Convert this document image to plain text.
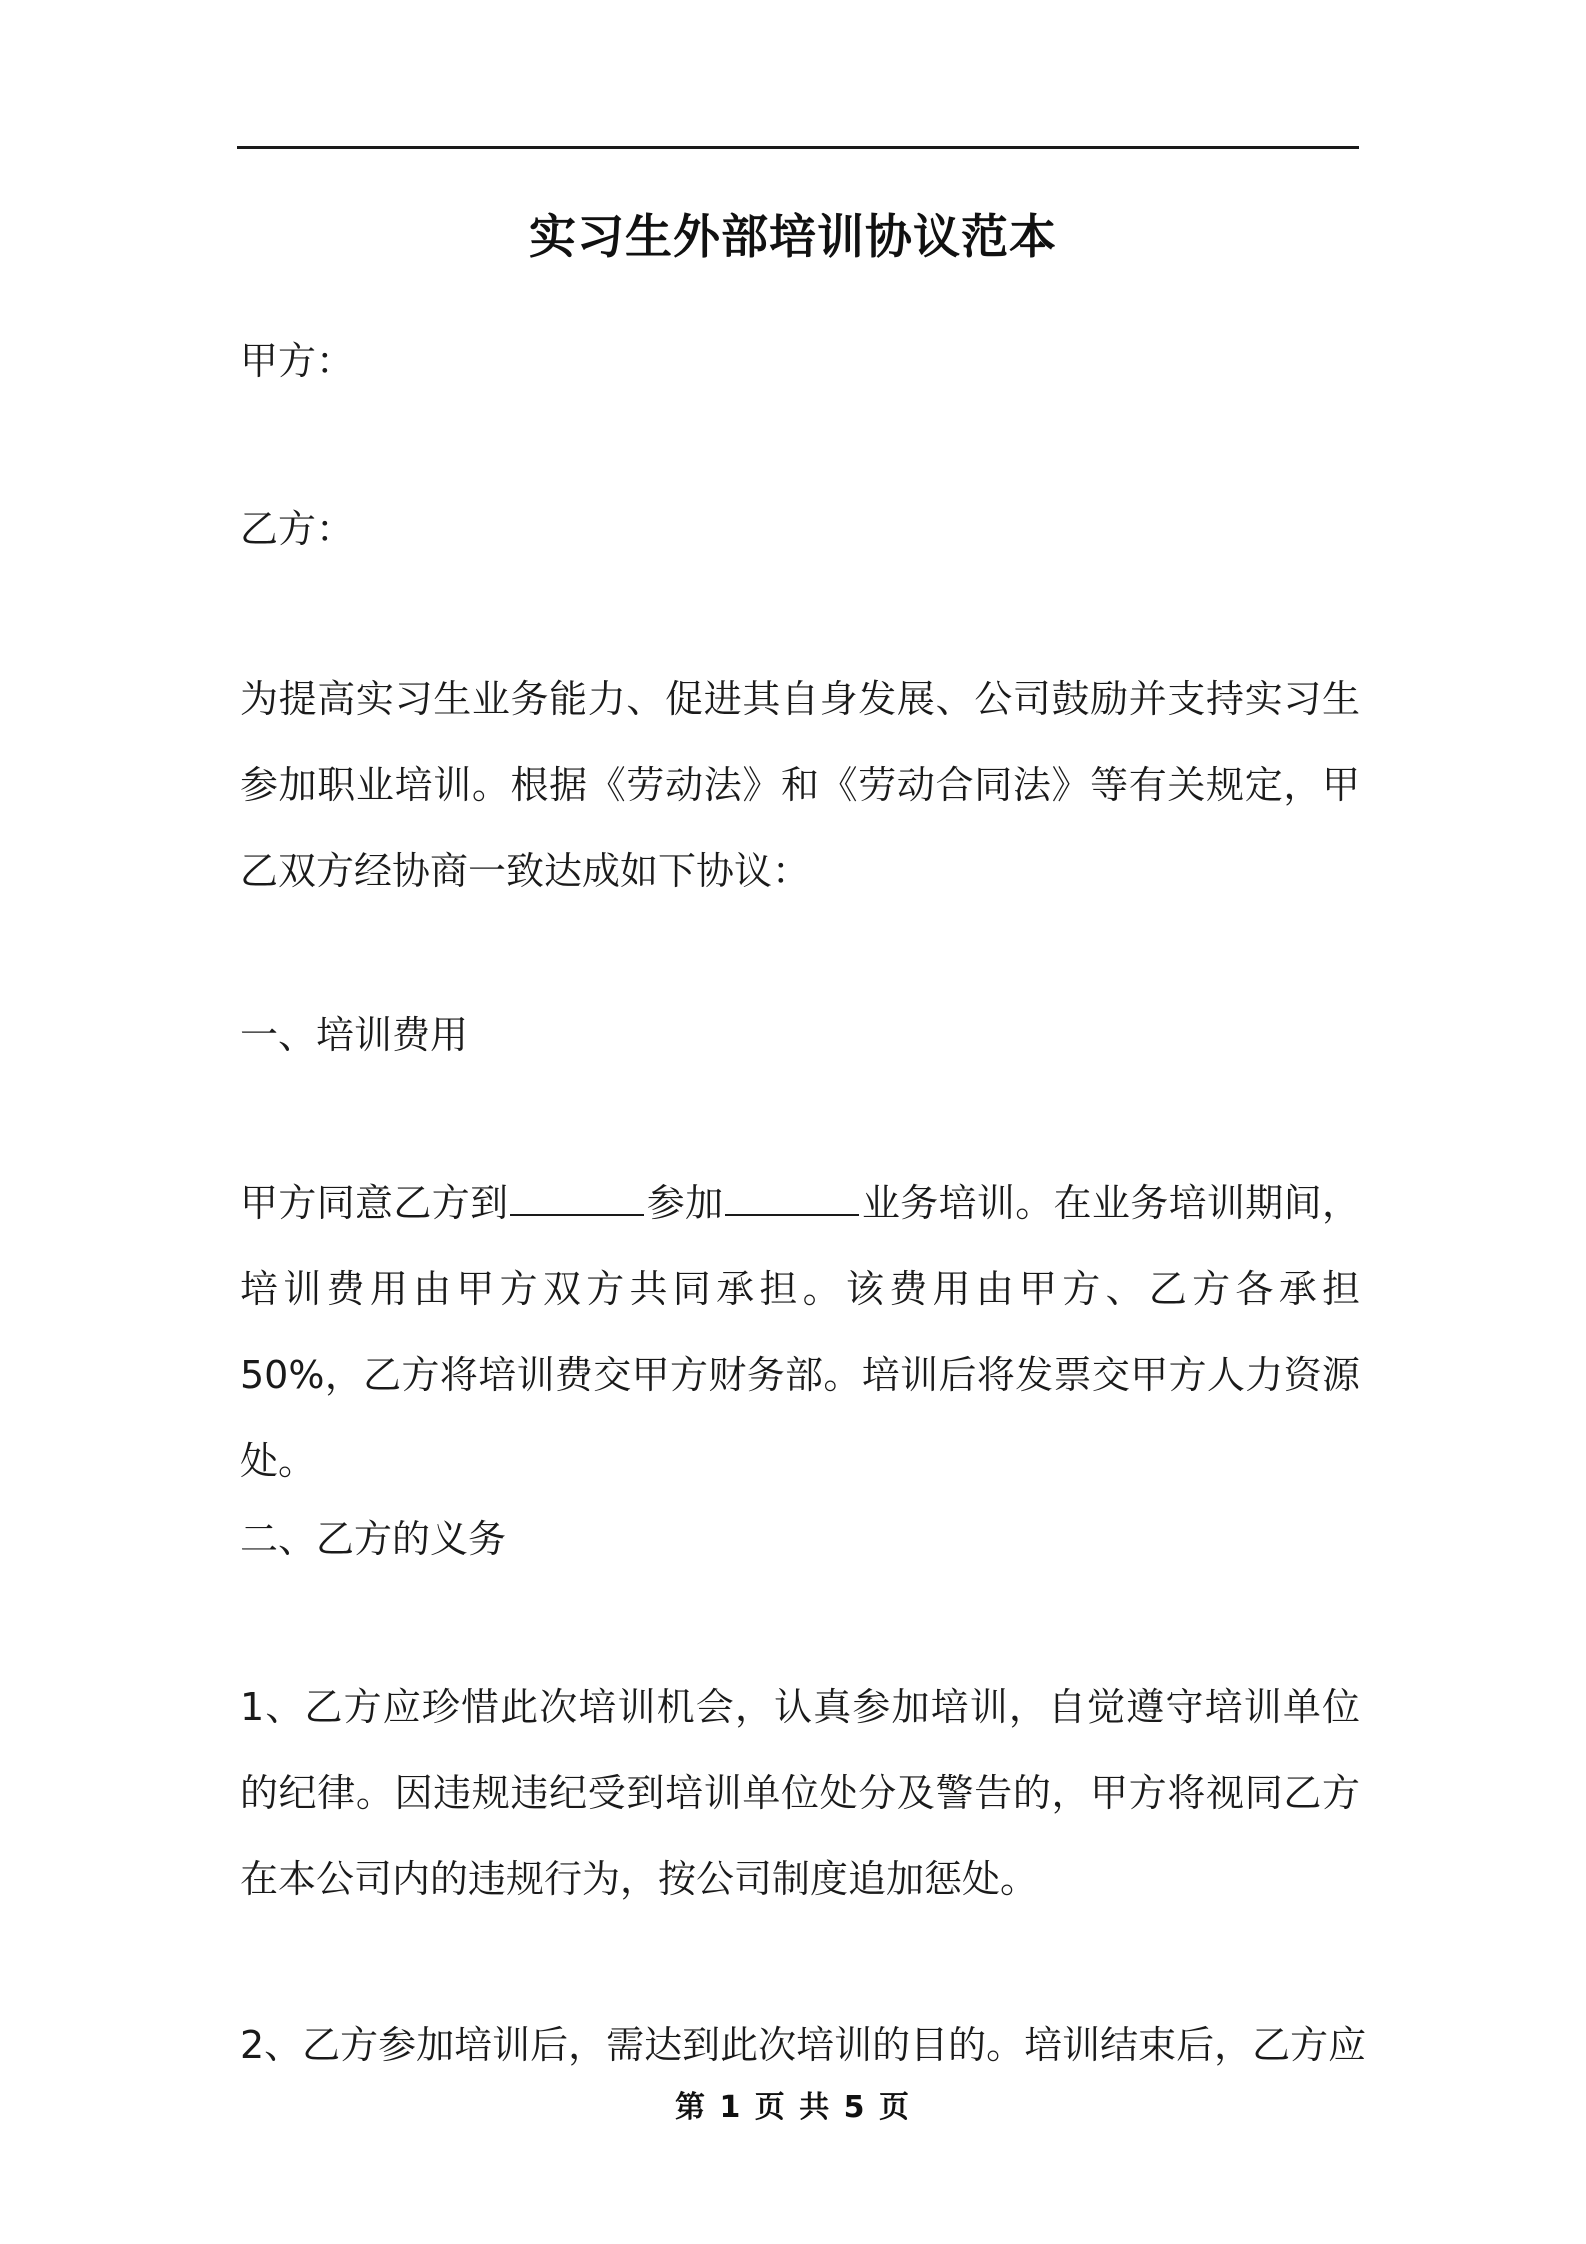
实习生外部培训协议范本
甲方：
乙方：
为提高实习生业务能力、促进其自身发展、公司鼓励并支持实习生参加职业培训。根据《劳动法》和《劳动合同法》等有关规定，甲乙双方经协商一致达成如下协议：
一、培训费用
甲方同意乙方到	参加	业务培训。在业务培训期间，培训费用由甲方双方共同承担。该费用由甲方、乙方各承担 50%，乙方将培训费交甲方财务部。培训后将发票交甲方人力资源处。
二、乙方的义务
1、乙方应珍惜此次培训机会，认真参加培训，自觉遵守培训单位的纪律。因违规违纪受到培训单位处分及警告的，甲方将视同乙方在本公司内的违规行为，按公司制度追加惩处。
2、乙方参加培训后，需达到此次培训的目的。培训结束后，乙方应
第 1 页 共 5 页
